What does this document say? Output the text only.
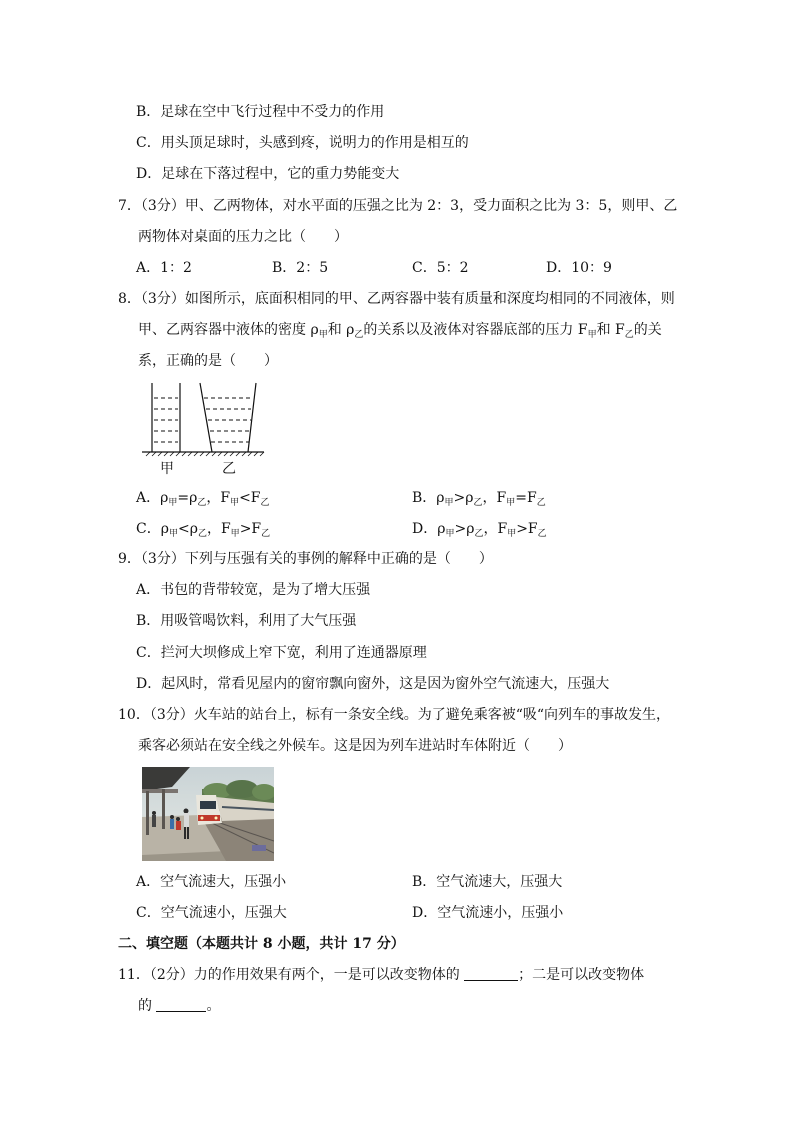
B．足球在空中飞行过程中不受力的作用
C．用头顶足球时，头感到疼，说明力的作用是相互的
D．足球在下落过程中，它的重力势能变大
7．（3分）甲、乙两物体，对水平面的压强之比为 2：3，受力面积之比为 3：5，则甲、乙
两物体对桌面的压力之比（　　）
A．1：2	B．2：5	C．5：2	D．10：9
8．（3分）如图所示，底面积相同的甲、乙两容器中装有质量和深度均相同的不同液体，则
甲、乙两容器中液体的密度 $\rho_甲$和 $\rho_乙$的关系以及液体对容器底部的压力 $F_甲$和 $F_乙$的关
系，正确的是（　　）
甲	乙
A．$\rho_甲=\rho_乙$，$F_甲<F_乙$	B．$\rho_甲>\rho_乙$，$F_甲=F_乙$
C．$\rho_甲<\rho_乙$，$F_甲>F_乙$	D．$\rho_甲>\rho_乙$，$F_甲>F_乙$
9．（3分）下列与压强有关的事例的解释中正确的是（　　）
A．书包的背带较宽，是为了增大压强
B．用吸管喝饮料，利用了大气压强
C．拦河大坝修成上窄下宽，利用了连通器原理
D．起风时，常看见屋内的窗帘飘向窗外，这是因为窗外空气流速大，压强大
10．（3分）火车站的站台上，标有一条安全线。为了避免乘客被“吸“向列车的事故发生，
乘客必须站在安全线之外候车。这是因为列车进站时车体附近（　　）
A．空气流速大，压强小	B．空气流速大，压强大
C．空气流速小，压强大	D．空气流速小，压强小
二、填空题（本题共计 8 小题，共计 17 分）
11．（2分）力的作用效果有两个，一是可以改变物体的	；二是可以改变物体
的	。
